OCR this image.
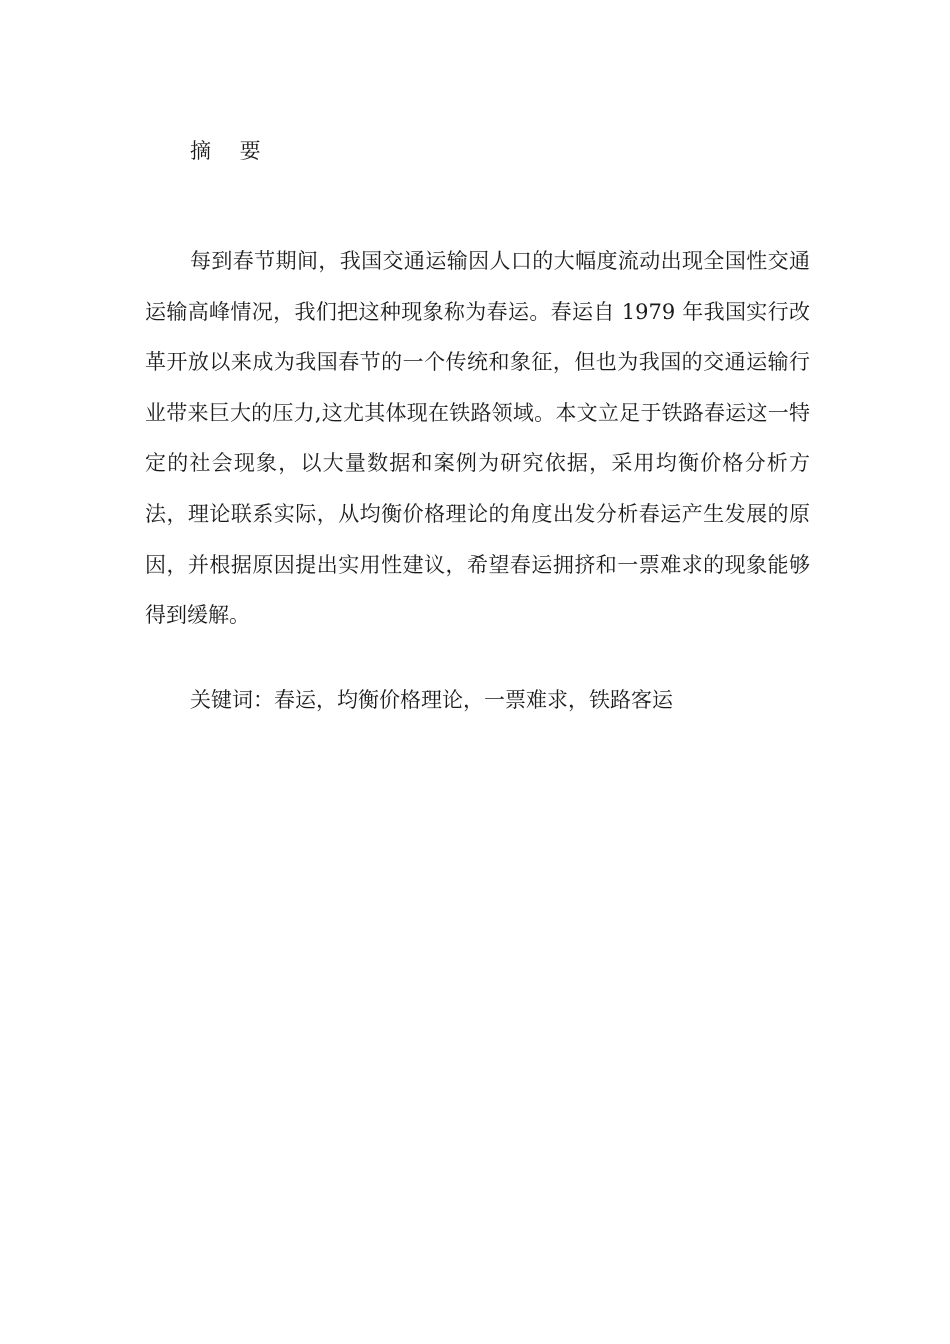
摘 要

每到春节期间，我国交通运输因人口的大幅度流动出现全国性交通运输高峰情况，我们把这种现象称为春运。春运自 1979 年我国实行改革开放以来成为我国春节的一个传统和象征，但也为我国的交通运输行业带来巨大的压力,这尤其体现在铁路领域。本文立足于铁路春运这一特定的社会现象，以大量数据和案例为研究依据，采用均衡价格分析方法，理论联系实际，从均衡价格理论的角度出发分析春运产生发展的原因，并根据原因提出实用性建议，希望春运拥挤和一票难求的现象能够得到缓解。

关键词：春运，均衡价格理论，一票难求，铁路客运
